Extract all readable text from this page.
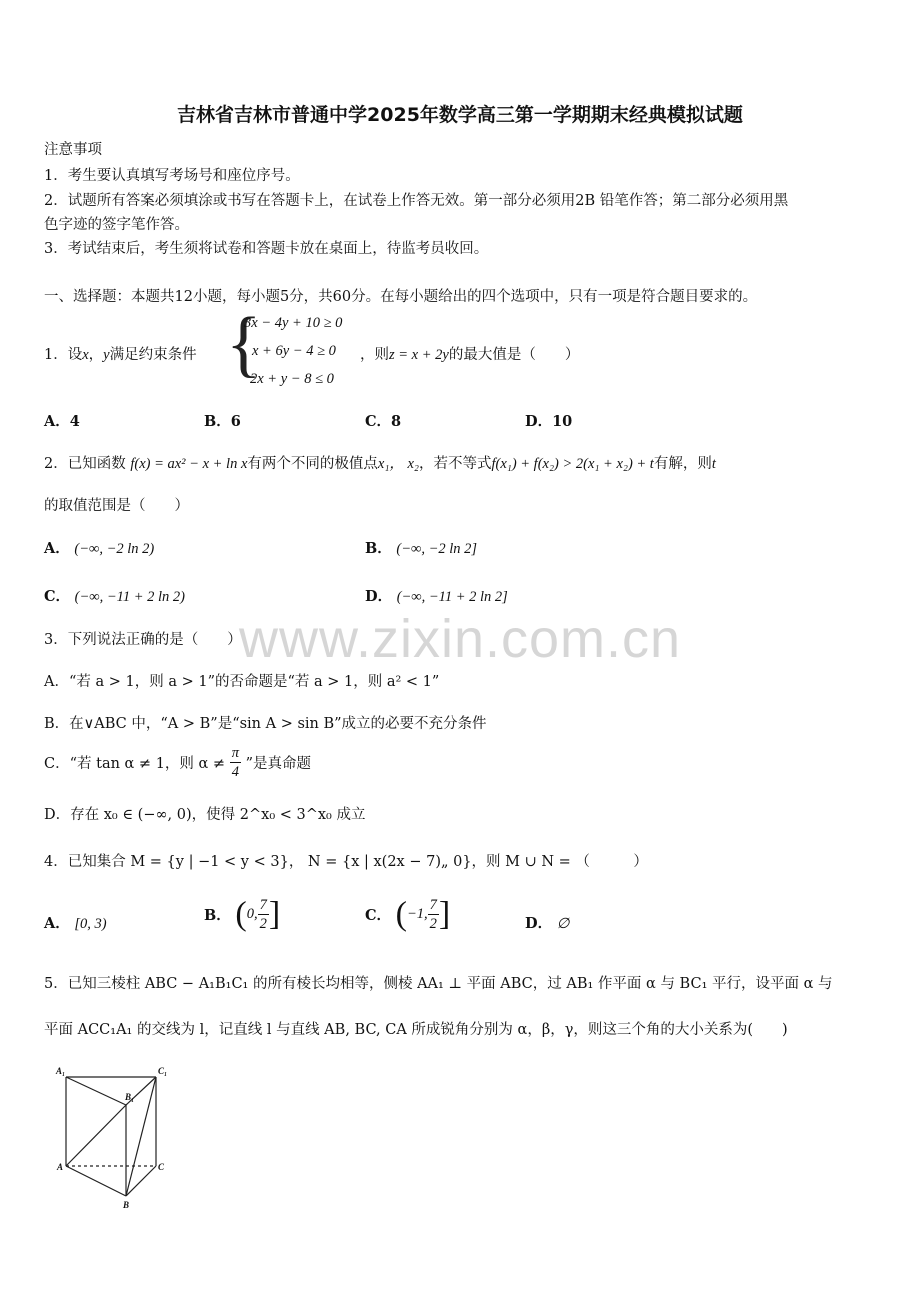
吉林省吉林市普通中学2025年数学高三第一学期期末经典模拟试题
www.zixin.com.cn
注意事项
1．考生要认真填写考场号和座位序号。
2．试题所有答案必须填涂或书写在答题卡上，在试卷上作答无效。第一部分必须用2B 铅笔作答；第二部分必须用黑
色字迹的签字笔作答。
3．考试结束后，考生须将试卷和答题卡放在桌面上，待监考员收回。
一、选择题：本题共12小题，每小题5分，共60分。在每小题给出的四个选项中，只有一项是符合题目要求的。
1．设x，y满足约束条件 {
3x − 4y + 10 ≥ 0
x + 6y − 4 ≥ 0
2x + y − 8 ≤ 0
，则z = x + 2y的最大值是（　　）
A．4	B．6	C．8	D．10
2．已知函数 f(x) = ax² − x + ln x有两个不同的极值点x₁， x₂，若不等式f(x₁) + f(x₂) > 2(x₁ + x₂) + t有解，则t
的取值范围是（　　）
A． (−∞, −2 ln 2)	B． (−∞, −2 ln 2]
C． (−∞, −11 + 2 ln 2)	D． (−∞, −11 + 2 ln 2]
3．下列说法正确的是（　　）
A．“若 a > 1，则 a > 1”的否命题是“若 a > 1，则 a² < 1”
B．在∨ABC 中，“A > B”是“sin A > sin B”成立的必要不充分条件
C．“若 tan α ≠ 1，则 $\alpha \ne \frac{\pi}{4}$ ”是真命题
D．存在 x₀ ∈ (−∞, 0)，使得 2^x₀ < 3^x₀ 成立
4．已知集合 M = {y | −1 < y < 3}， N = {x | x(2x − 7)„ 0}，则 M ∪ N = （　　　）
A． [0, 3)	B． (0, $\frac{7}{2}$ ]	C． (−1, $\frac{7}{2}$ ]	D． ∅
5．已知三棱柱 ABC − A₁B₁C₁ 的所有棱长均相等，侧棱 AA₁ ⊥ 平面 ABC，过 AB₁ 作平面 α 与 BC₁ 平行，设平面 α 与
平面 ACC₁A₁ 的交线为 l，记直线 l 与直线 AB, BC, CA 所成锐角分别为 α，β，γ，则这三个角的大小关系为(　　)
A₁	C₁
B₁
A	C
B
